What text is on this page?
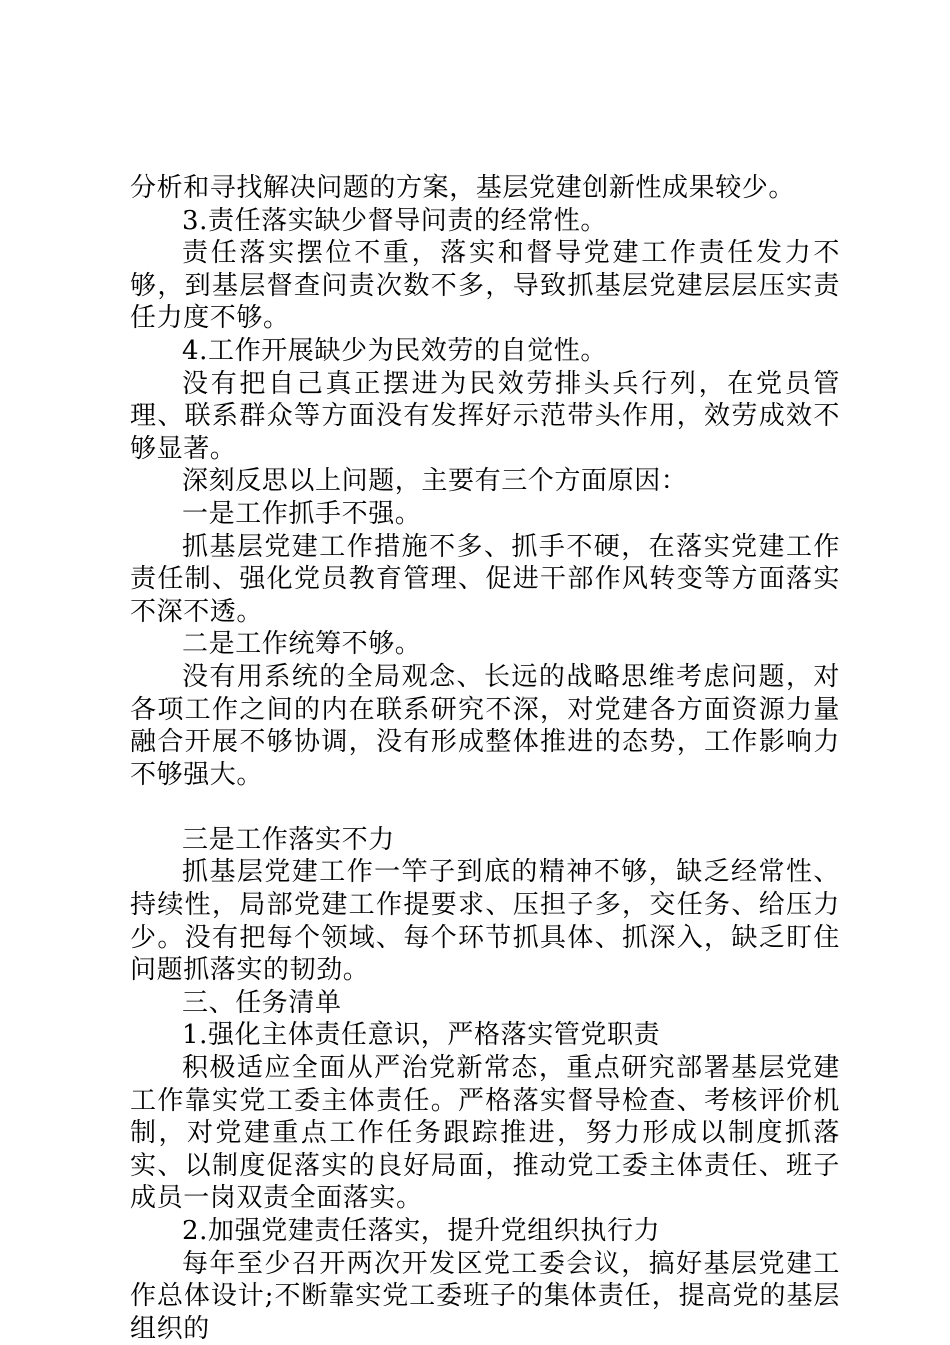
分析和寻找解决问题的方案，基层党建创新性成果较少。

3.责任落实缺少督导问责的经常性。

责任落实摆位不重，落实和督导党建工作责任发力不够，到基层督查问责次数不多，导致抓基层党建层层压实责任力度不够。

4.工作开展缺少为民效劳的自觉性。

没有把自己真正摆进为民效劳排头兵行列，在党员管理、联系群众等方面没有发挥好示范带头作用，效劳成效不够显著。

深刻反思以上问题，主要有三个方面原因：

一是工作抓手不强。

抓基层党建工作措施不多、抓手不硬，在落实党建工作责任制、强化党员教育管理、促进干部作风转变等方面落实不深不透。

二是工作统筹不够。

没有用系统的全局观念、长远的战略思维考虑问题，对各项工作之间的内在联系研究不深，对党建各方面资源力量融合开展不够协调，没有形成整体推进的态势，工作影响力不够强大。

三是工作落实不力

抓基层党建工作一竿子到底的精神不够，缺乏经常性、持续性，局部党建工作提要求、压担子多，交任务、给压力少。没有把每个领域、每个环节抓具体、抓深入，缺乏盯住问题抓落实的韧劲。

三、任务清单

1.强化主体责任意识，严格落实管党职责

积极适应全面从严治党新常态，重点研究部署基层党建工作靠实党工委主体责任。严格落实督导检查、考核评价机制，对党建重点工作任务跟踪推进，努力形成以制度抓落实、以制度促落实的良好局面，推动党工委主体责任、班子成员一岗双责全面落实。

2.加强党建责任落实，提升党组织执行力

每年至少召开两次开发区党工委会议，搞好基层党建工作总体设计;不断靠实党工委班子的集体责任，提高党的基层组织的
